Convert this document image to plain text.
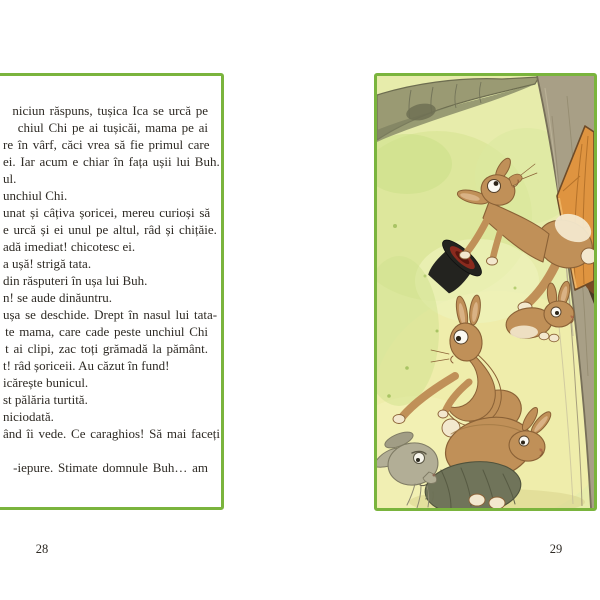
niciun răspuns, tușica Ica se urcă pe
chiul Chi pe ai tușicăi, mama pe ai
re în vârf, căci vrea să fie primul care
ei. Iar acum e chiar în fața ușii lui Buh.
ul.
unchiul Chi.
unat și câțiva șoricei, mereu curioși să
e urcă și ei unul pe altul, râd și chițăie.
adă imediat! chicotesc ei.
a ușă! strigă tata.
din răsputeri în ușa lui Buh.
n! se aude dinăuntru.
ușa se deschide. Drept în nasul lui tata-
te mama, care cade peste unchiul Chi
t ai clipi, zac toți grămadă la pământ.
t! râd șoriceii. Au căzut în fund!
icărește bunicul.
st pălăria turtită.
niciodată.
ând îi vede. Ce caraghios! Să mai faceți
-iepure. Stimate domnule Buh… am
28	29
